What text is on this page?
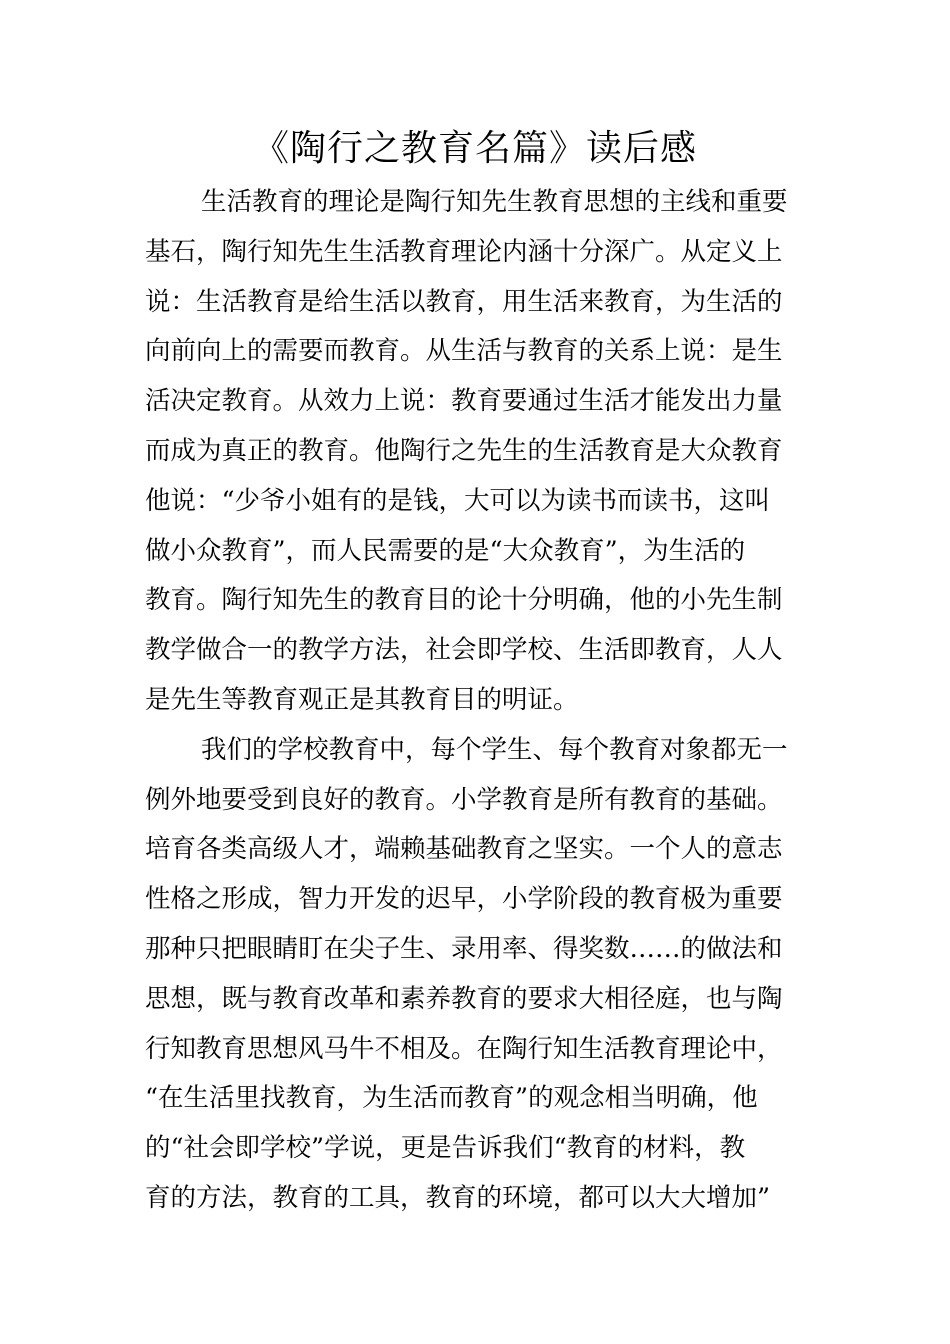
《陶行之教育名篇》读后感
生活教育的理论是陶行知先生教育思想的主线和重要
基石，陶行知先生生活教育理论内涵十分深广。从定义上
说：生活教育是给生活以教育，用生活来教育，为生活的
向前向上的需要而教育。从生活与教育的关系上说：是生
活决定教育。从效力上说：教育要通过生活才能发出力量
而成为真正的教育。他陶行之先生的生活教育是大众教育
他说：“少爷小姐有的是钱，大可以为读书而读书，这叫
做小众教育”，而人民需要的是“大众教育”，为生活的
教育。陶行知先生的教育目的论十分明确，他的小先生制
教学做合一的教学方法，社会即学校、生活即教育，人人
是先生等教育观正是其教育目的明证。
我们的学校教育中，每个学生、每个教育对象都无一
例外地要受到良好的教育。小学教育是所有教育的基础。
培育各类高级人才，端赖基础教育之坚实。一个人的意志
性格之形成，智力开发的迟早，小学阶段的教育极为重要
那种只把眼睛盯在尖子生、录用率、得奖数……的做法和
思想，既与教育改革和素养教育的要求大相径庭，也与陶
行知教育思想风马牛不相及。在陶行知生活教育理论中，
“在生活里找教育，为生活而教育”的观念相当明确，他
的“社会即学校”学说，更是告诉我们“教育的材料，教
育的方法，教育的工具，教育的环境，都可以大大增加”
